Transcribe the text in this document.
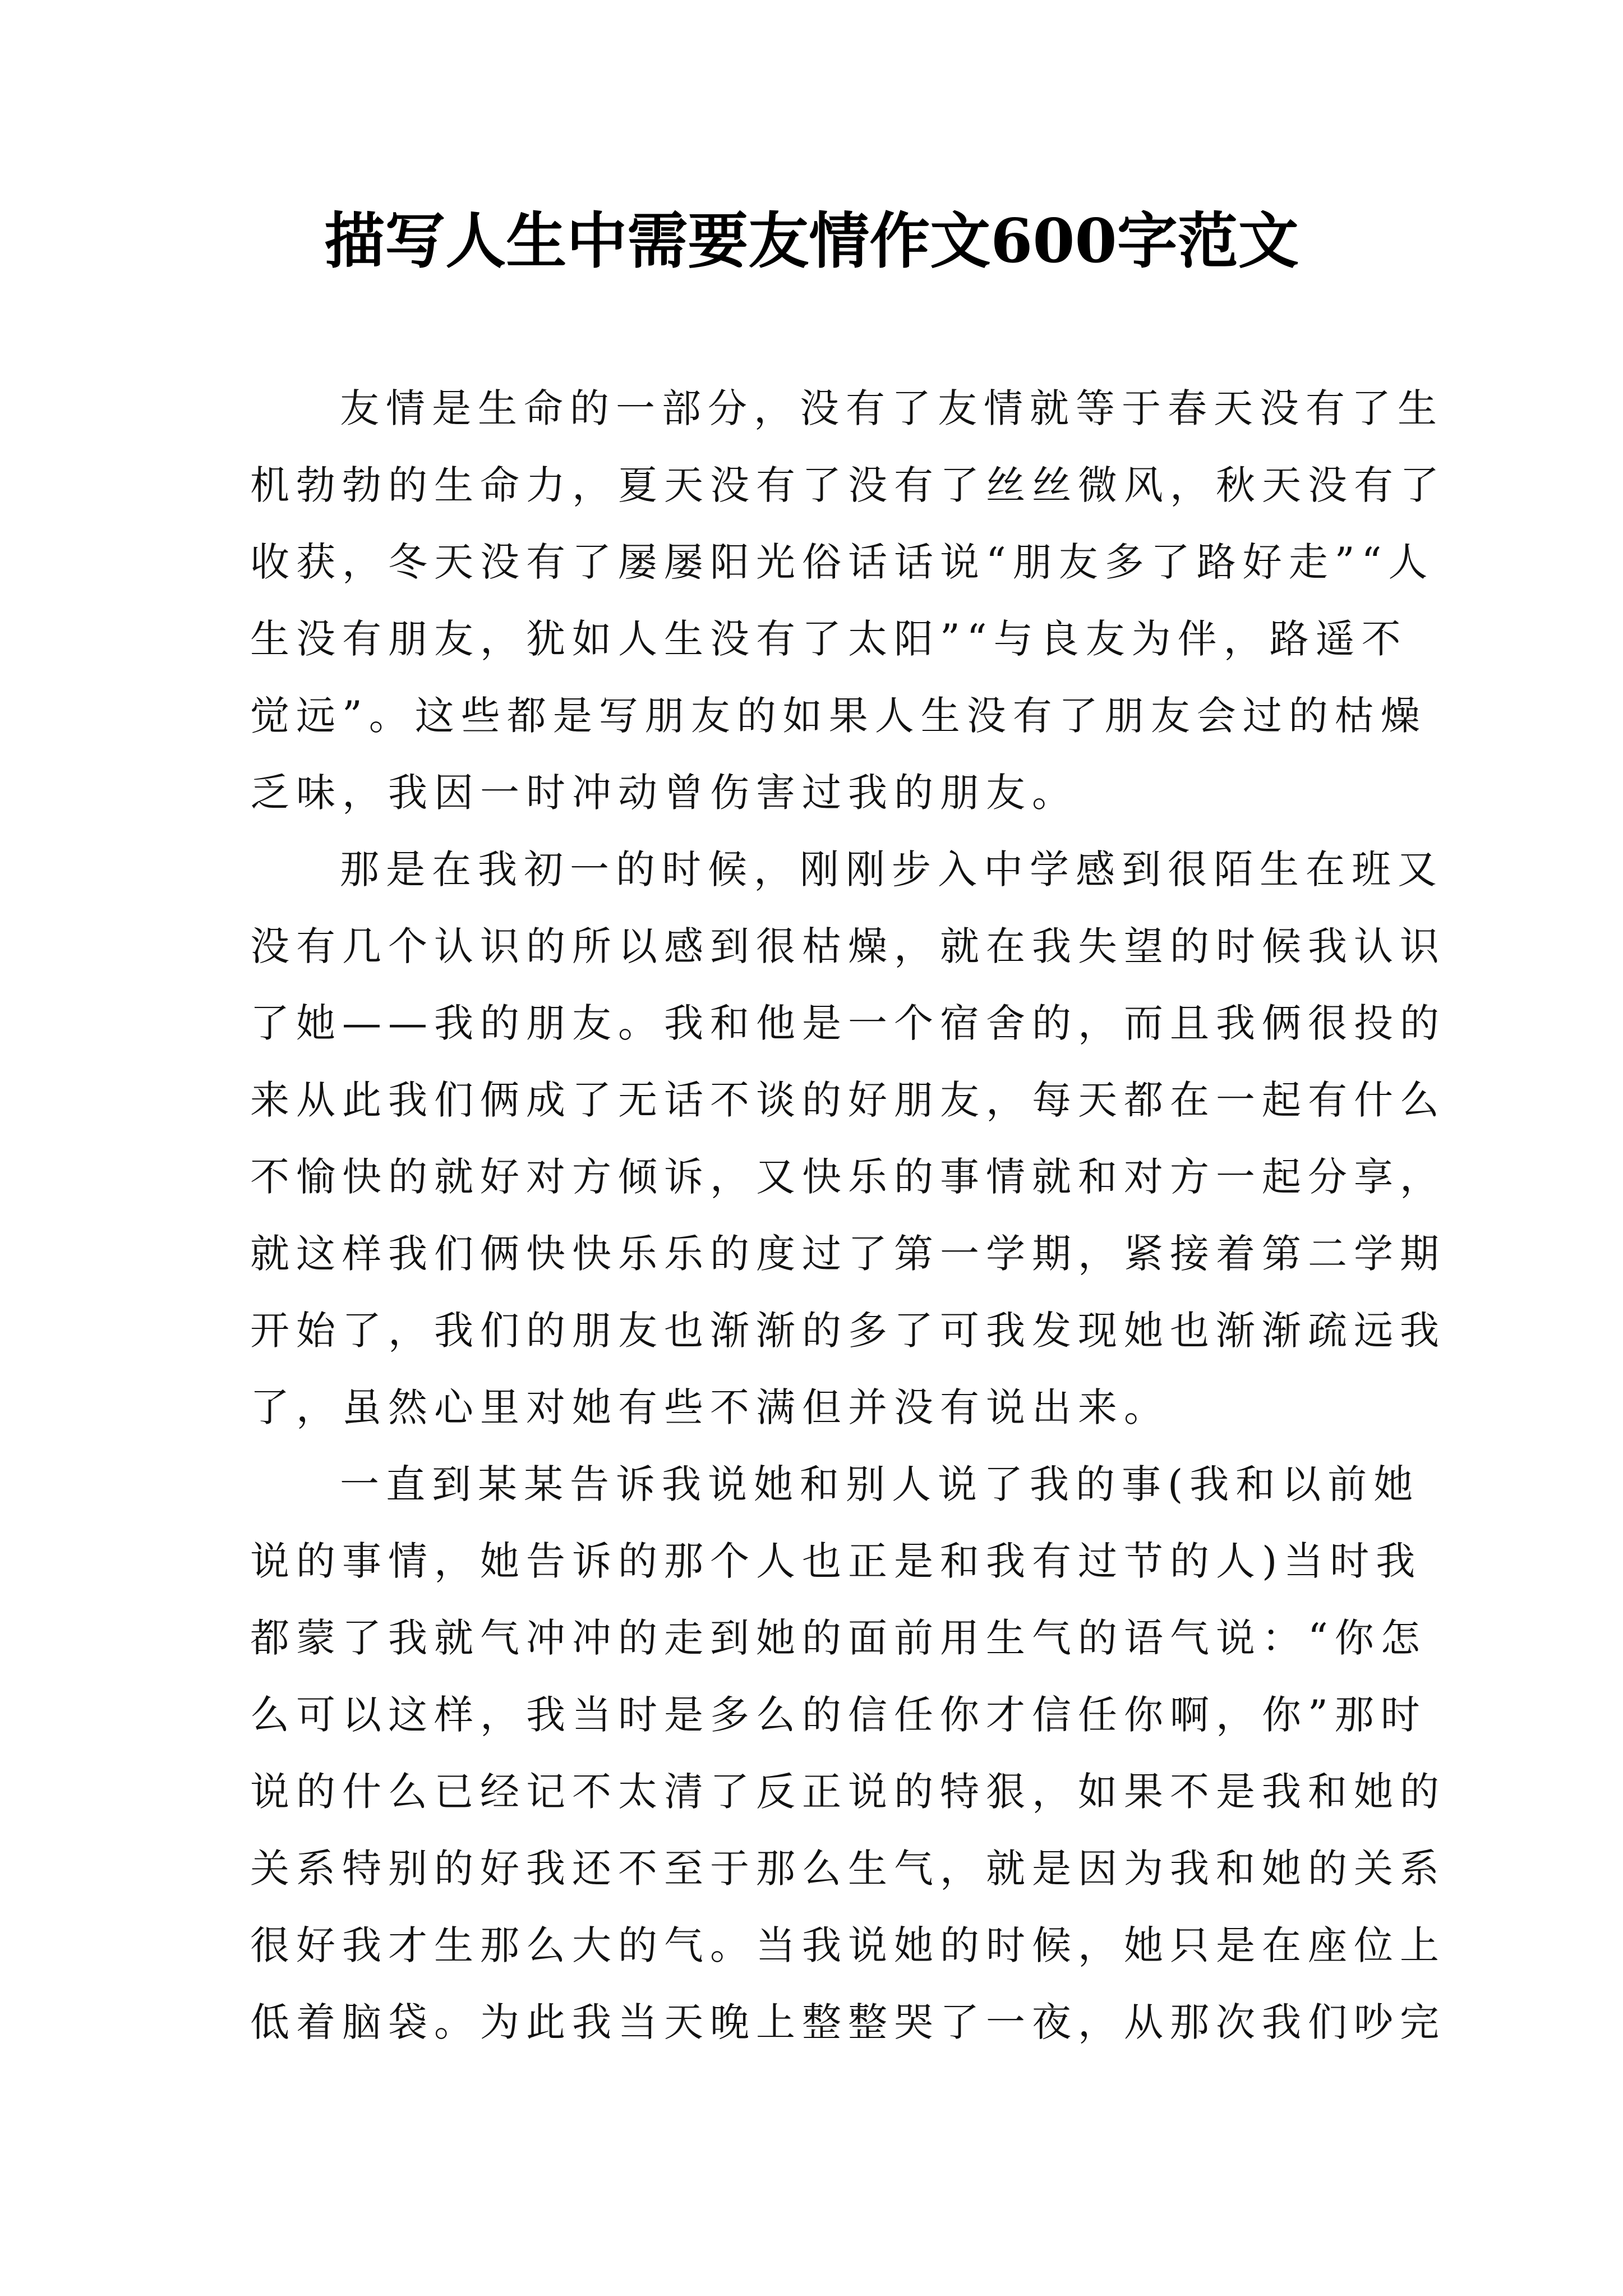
描写人生中需要友情作文600字范文
友情是生命的一部分，没有了友情就等于春天没有了生
机勃勃的生命力，夏天没有了没有了丝丝微风，秋天没有了
收获，冬天没有了屡屡阳光俗话话说“朋友多了路好走”“人
生没有朋友，犹如人生没有了太阳”“与良友为伴，路遥不
觉远”。这些都是写朋友的如果人生没有了朋友会过的枯燥
乏味，我因一时冲动曾伤害过我的朋友。
那是在我初一的时候，刚刚步入中学感到很陌生在班又
没有几个认识的所以感到很枯燥，就在我失望的时候我认识
了她——我的朋友。我和他是一个宿舍的，而且我俩很投的
来从此我们俩成了无话不谈的好朋友，每天都在一起有什么
不愉快的就好对方倾诉，又快乐的事情就和对方一起分享，
就这样我们俩快快乐乐的度过了第一学期，紧接着第二学期
开始了，我们的朋友也渐渐的多了可我发现她也渐渐疏远我
了，虽然心里对她有些不满但并没有说出来。
一直到某某告诉我说她和别人说了我的事(我和以前她
说的事情，她告诉的那个人也正是和我有过节的人)当时我
都蒙了我就气冲冲的走到她的面前用生气的语气说：“你怎
么可以这样，我当时是多么的信任你才信任你啊，你”那时
说的什么已经记不太清了反正说的特狠，如果不是我和她的
关系特别的好我还不至于那么生气，就是因为我和她的关系
很好我才生那么大的气。当我说她的时候，她只是在座位上
低着脑袋。为此我当天晚上整整哭了一夜，从那次我们吵完
